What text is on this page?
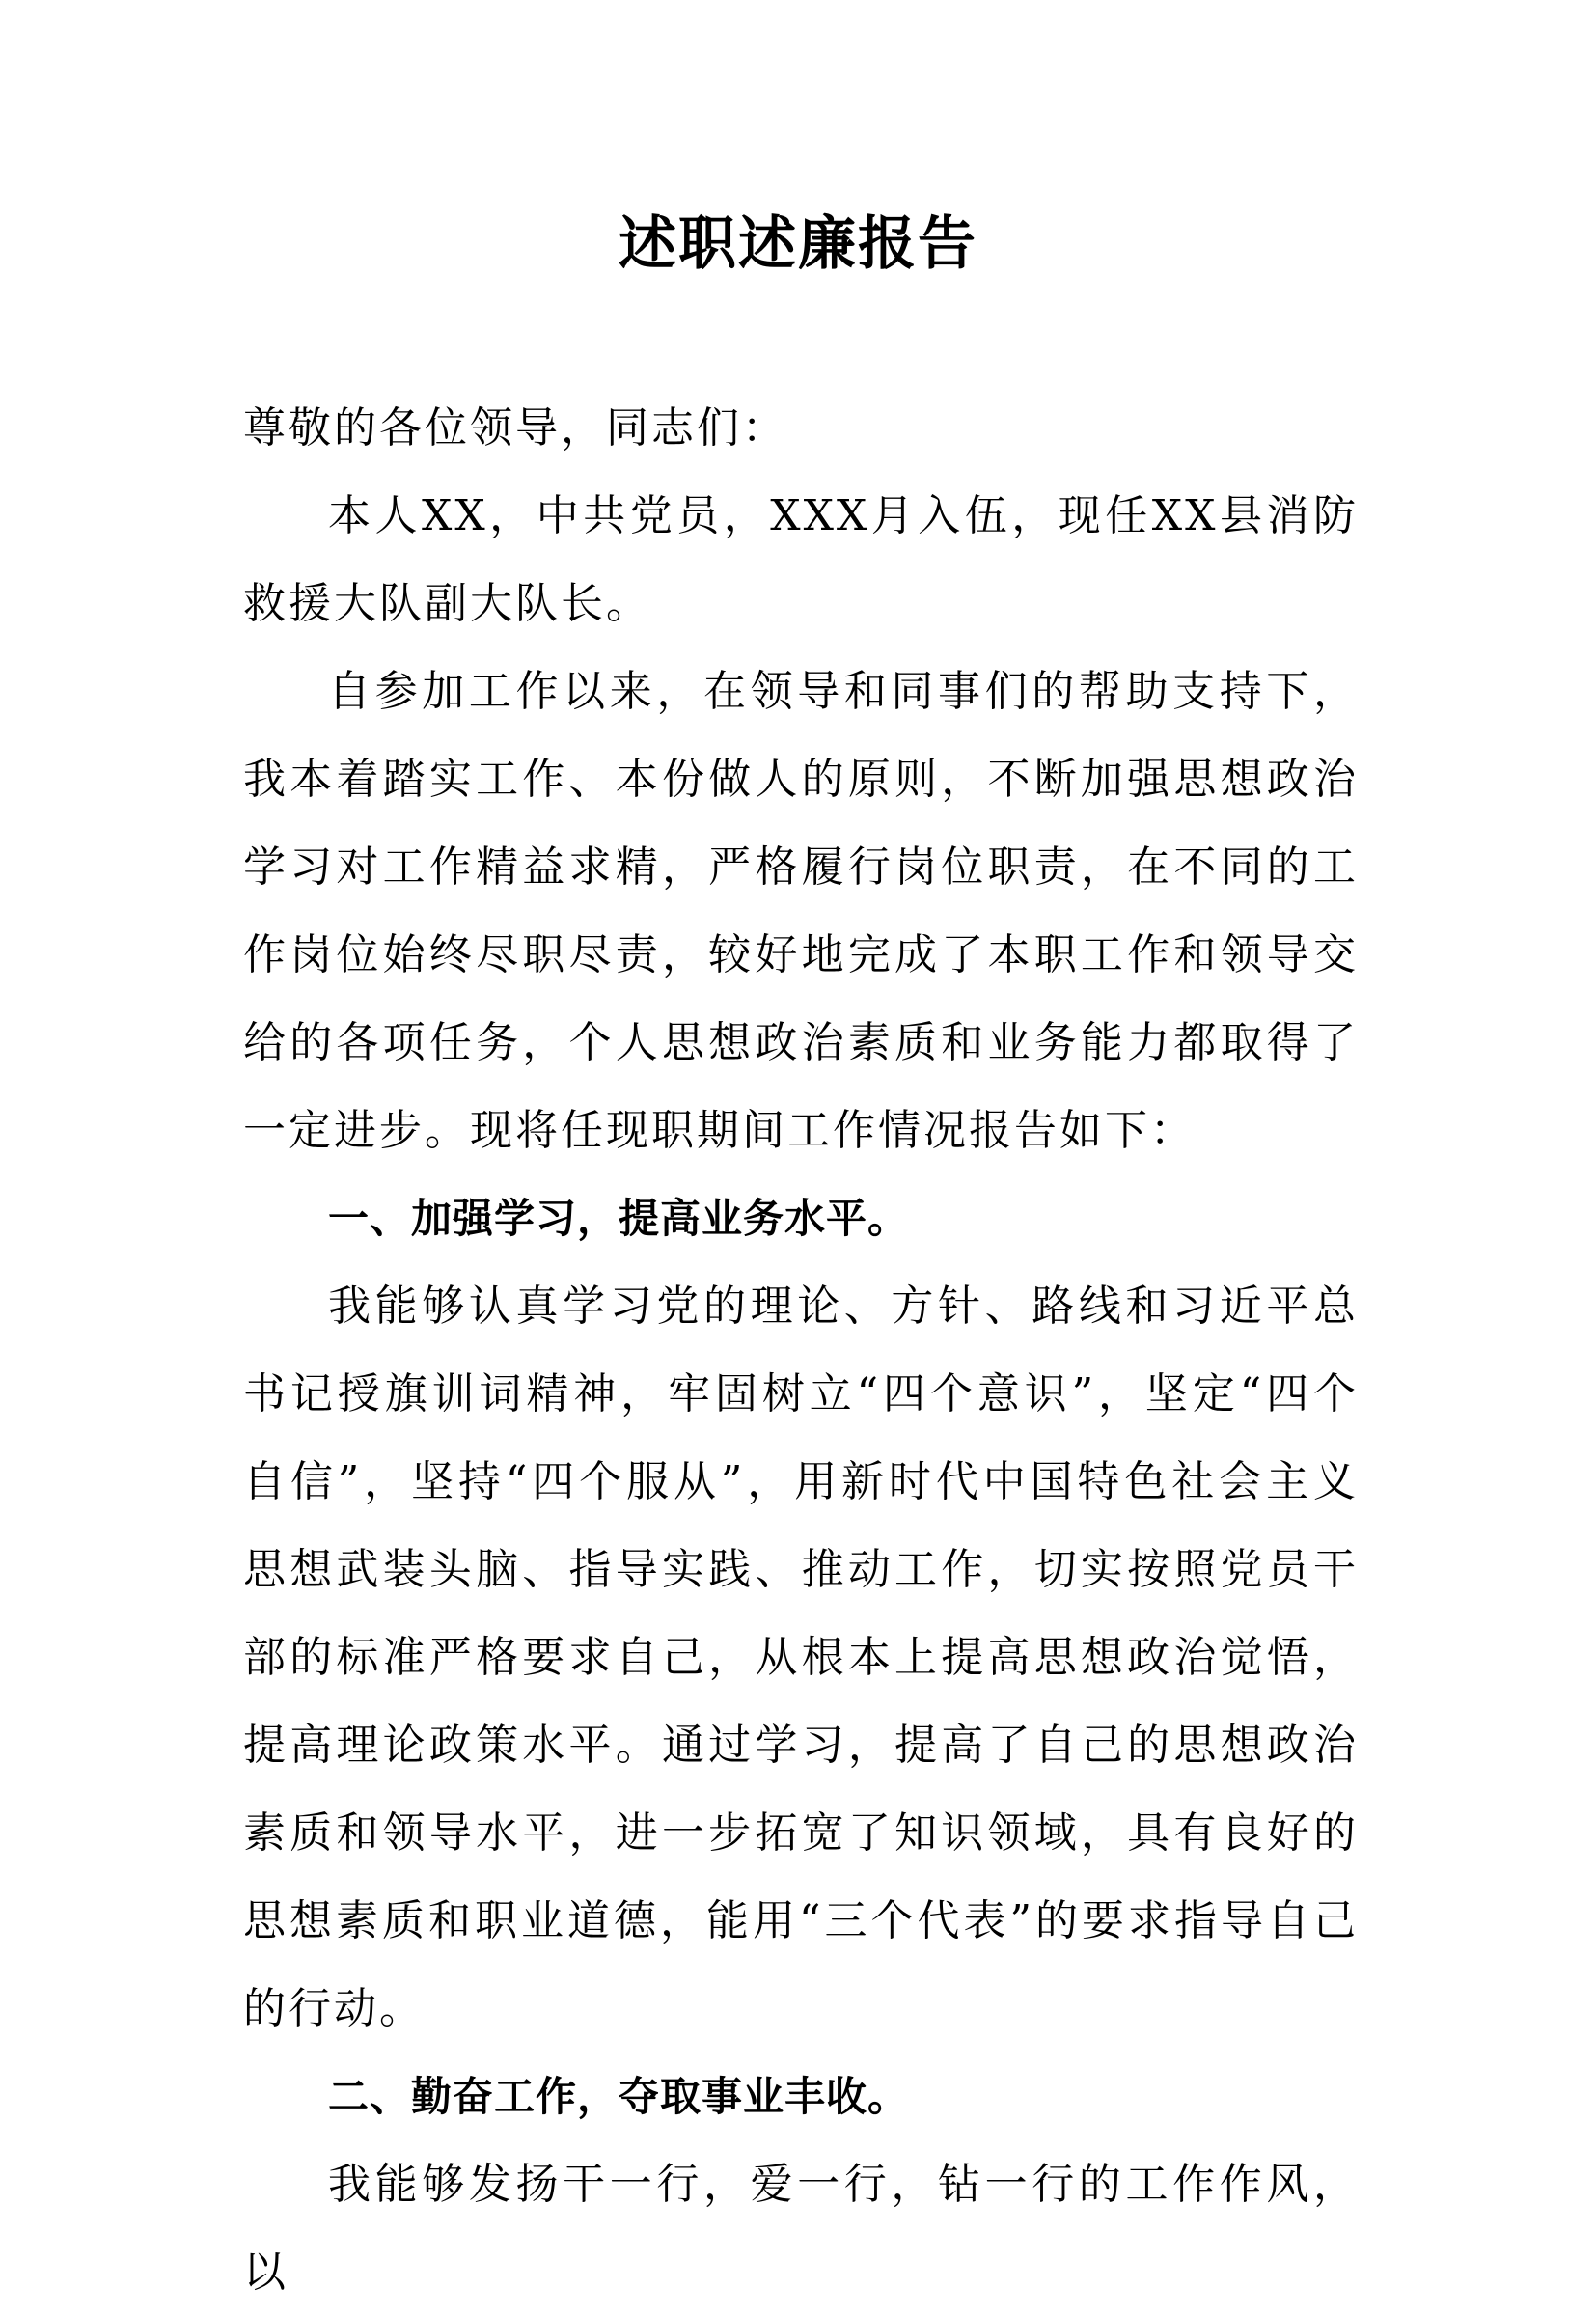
述职述廉报告

尊敬的各位领导，同志们：

本人XX，中共党员，XXX月入伍，现任XX县消防救援大队副大队长。

自参加工作以来，在领导和同事们的帮助支持下，我本着踏实工作、本份做人的原则，不断加强思想政治学习对工作精益求精，严格履行岗位职责，在不同的工作岗位始终尽职尽责，较好地完成了本职工作和领导交给的各项任务，个人思想政治素质和业务能力都取得了一定进步。现将任现职期间工作情况报告如下：

一、加强学习，提高业务水平。

我能够认真学习党的理论、方针、路线和习近平总书记授旗训词精神，牢固树立“四个意识”，坚定“四个自信”，坚持“四个服从”，用新时代中国特色社会主义思想武装头脑、指导实践、推动工作，切实按照党员干部的标准严格要求自己，从根本上提高思想政治觉悟，提高理论政策水平。通过学习，提高了自己的思想政治素质和领导水平，进一步拓宽了知识领域，具有良好的思想素质和职业道德，能用“三个代表”的要求指导自己的行动。

二、勤奋工作，夺取事业丰收。

我能够发扬干一行，爱一行，钻一行的工作作风，以
